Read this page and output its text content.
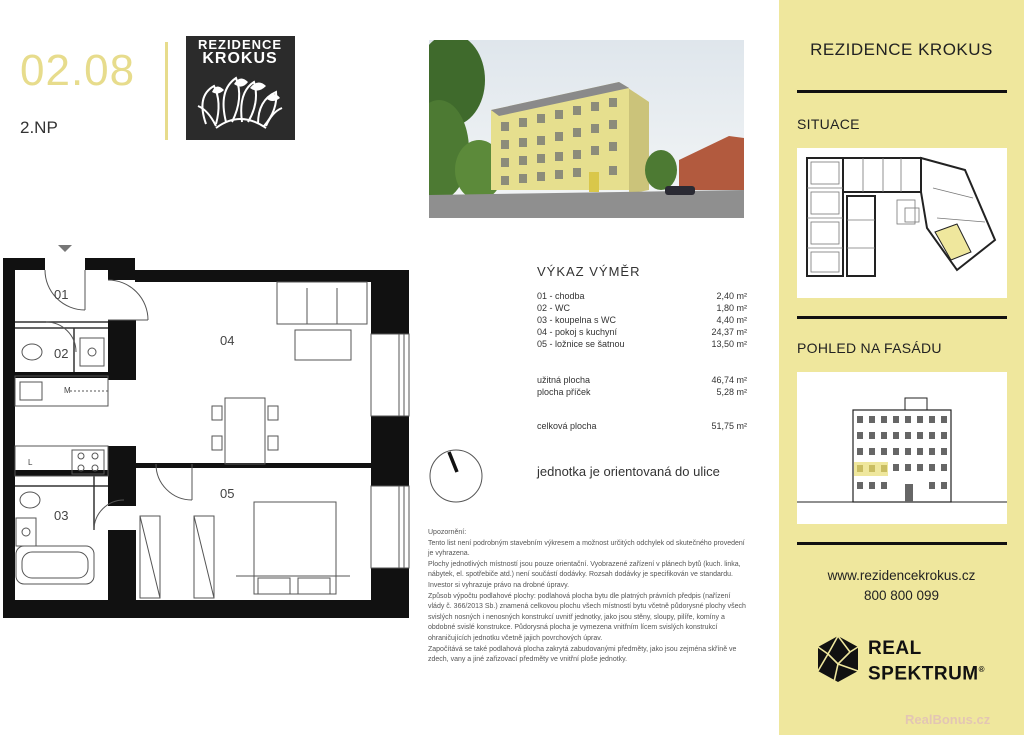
02.08
2.NP
REZIDENCE
KROKUS	REZIDENCE KROKUS
SITUACE
POHLED NA FASÁDU
www.rezidencekrokus.cz
800 800 099
REAL
SPEKTRUM®
RealBonus.cz
VÝKAZ VÝMĚR
01 - chodba	2,40 m²
02 - WC	1,80 m²
03 - koupelna s WC	4,40 m²
04 - pokoj s kuchyní	24,37 m²
05 - ložnice se šatnou	13,50 m²
užitná plocha	46,74 m²
plocha příček	5,28 m²
celková plocha	51,75 m²
jednotka je orientovaná do ulice

Upozornění:

Tento list není podrobným stavebním výkresem a možnost určitých odchylek od skutečného provedení je vyhrazena.

Plochy jednotlivých místností jsou pouze orientační. Vyobrazené zařízení v plánech bytů (kuch. linka, nábytek, el. spotřebiče atd.) není součástí dodávky. Rozsah dodávky je specifikován ve standardu. Investor si vyhrazuje právo na drobné úpravy.

Způsob výpočtu podlahové plochy: podlahová plocha bytu dle platných právních předpis (nařízení vlády č. 366/2013 Sb.) znamená celkovou plochu všech místností bytu včetně půdorysné plochy všech svislých nosných i nenosných konstrukcí uvnitř jednotky, jako jsou stěny, sloupy, pilíře, komíny a obdobné svislé konstrukce. Půdorysná plocha je vymezena vnitřním lícem svislých konstrukcí ohraničujících jednotku včetně jajich povrchových úprav.

Započítává se také podlahová plocha zakrytá zabudovanými předměty, jako jsou zejména skříně ve zdech, vany a jiné zařizovací předměty ve vnitřní ploše jednotky.

M
L
01
02
03
04
05
